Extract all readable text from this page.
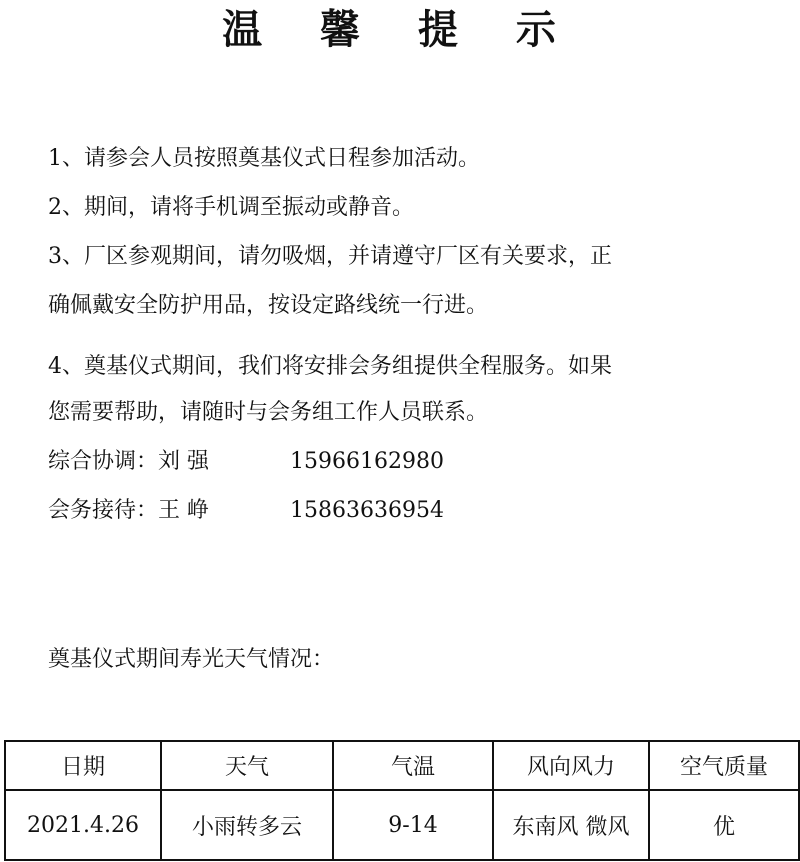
温 馨 提 示
1、请参会人员按照奠基仪式日程参加活动。
2、期间，请将手机调至振动或静音。
3、厂区参观期间，请勿吸烟，并请遵守厂区有关要求，正
确佩戴安全防护用品，按设定路线统一行进。
4、奠基仪式期间，我们将安排会务组提供全程服务。如果
您需要帮助，请随时与会务组工作人员联系。
综合协调：刘 强	15966162980
会务接待：王 峥	15863636954
奠基仪式期间寿光天气情况：
日期	天气	气温	风向风力	空气质量
2021.4.26	小雨转多云	9-14	东南风 微风	优
